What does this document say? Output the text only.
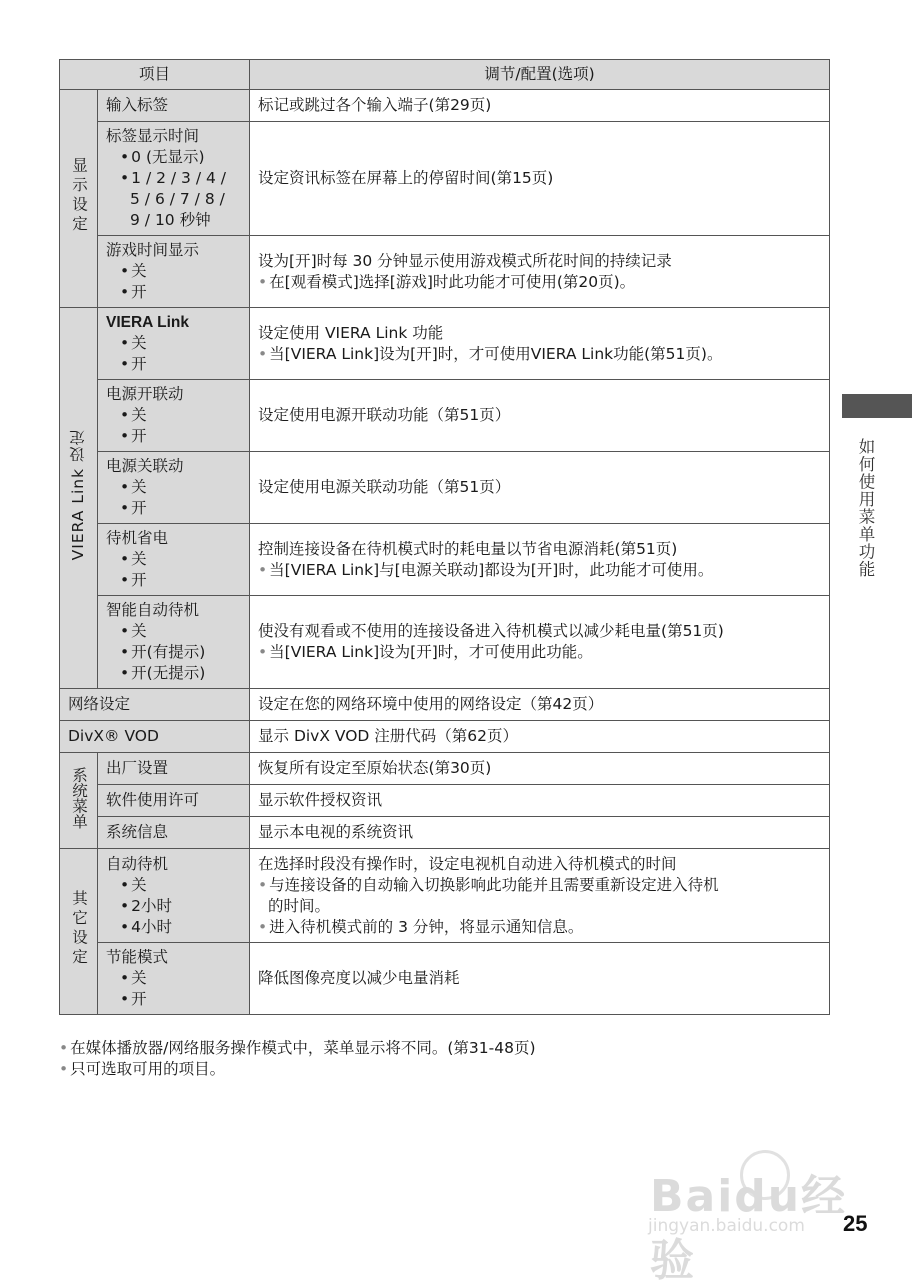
项目		调节/配置(选项)
显示设定	输入标签	标记或跳过各个输入端子(第29页)

	标签显示时间
• 0 (无显示)
• 1 / 2 / 3 / 4 /
5 / 6 / 7 / 8 /
9 / 10 秒钟	设定资讯标签在屏幕上的停留时间(第15页)

	游戏时间显示
• 关
• 开	设为[开]时每 30 分钟显示使用游戏模式所花时间的持续记录
• 在[观看模式]选择[游戏]时此功能才可使用(第20页)。

VIERA Link 设定	VIERA Link
• 关
• 开	设定使用 VIERA Link 功能
• 当[VIERA Link]设为[开]时，才可使用VIERA Link功能(第51页)。

	电源开联动
• 关
• 开	设定使用电源开联动功能（第51页）

	电源关联动
• 关
• 开	设定使用电源关联动功能（第51页）

	待机省电
• 关
• 开	控制连接设备在待机模式时的耗电量以节省电源消耗(第51页)
• 当[VIERA Link]与[电源关联动]都设为[开]时，此功能才可使用。

	智能自动待机
• 关
• 开(有提示)
• 开(无提示)	使没有观看或不使用的连接设备进入待机模式以减少耗电量(第51页)
• 当[VIERA Link]设为[开]时，才可使用此功能。

网络设定		设定在您的网络环境中使用的网络设定（第42页）
DivX® VOD		显示 DivX VOD 注册代码（第62页）
系统菜单	出厂设置	恢复所有设定至原始状态(第30页)
	软件使用许可	显示软件授权资讯
	系统信息	显示本电视的系统资讯
其它设定	自动待机
• 关
• 2小时
• 4小时	在选择时段没有操作时，设定电视机自动进入待机模式的时间
• 与连接设备的自动输入切换影响此功能并且需要重新设定进入待机
的时间。
• 进入待机模式前的 3 分钟，将显示通知信息。

	节能模式
• 关
• 开	降低图像亮度以减少电量消耗
• 在媒体播放器/网络服务操作模式中，菜单显示将不同。(第31-48页)
• 只可选取可用的项目。
如何使用菜单功能
Baidu经验
jingyan.baidu.com 25
